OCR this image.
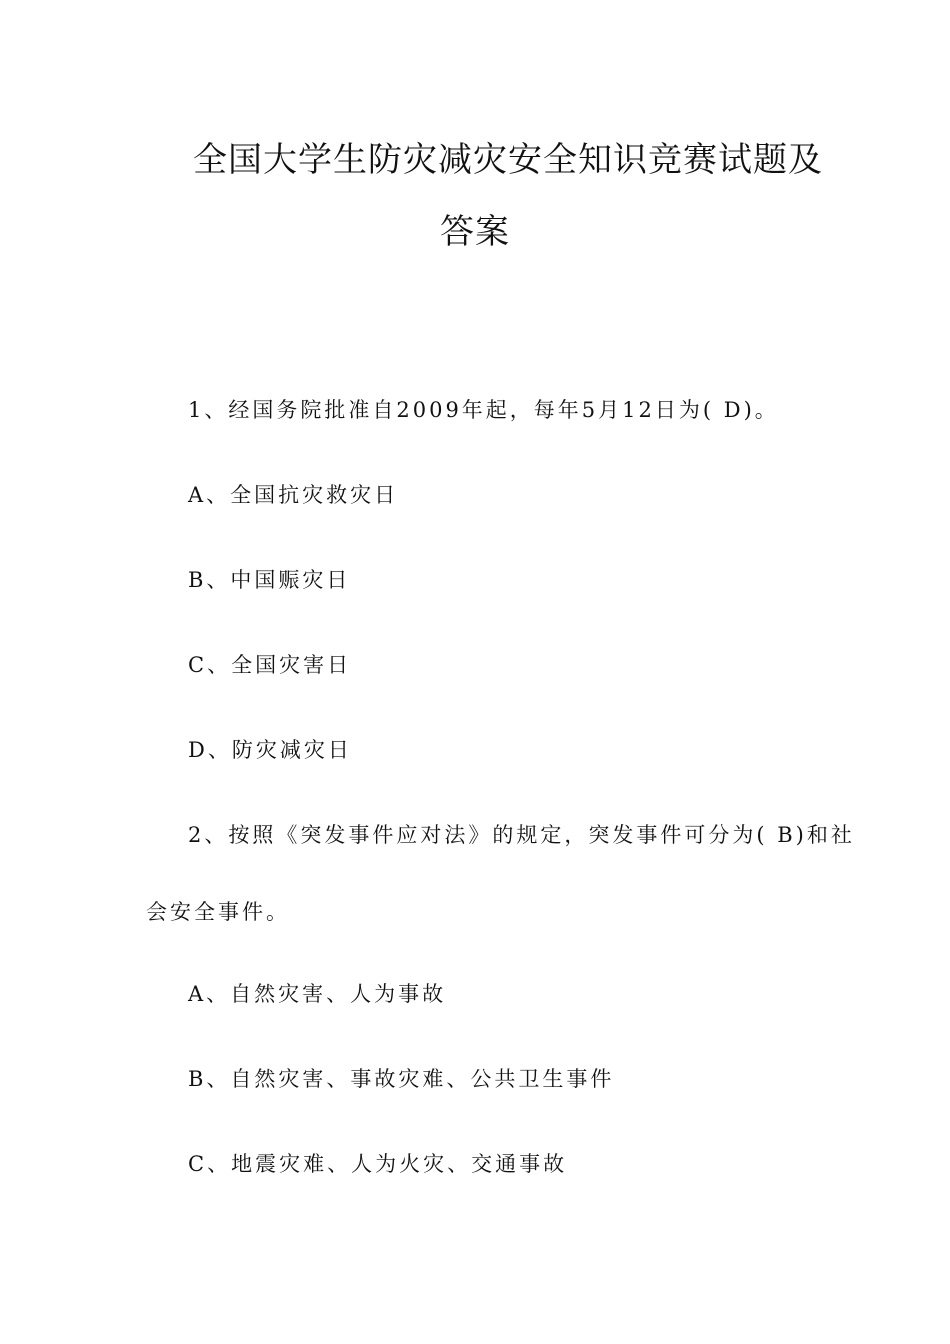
全国大学生防灾减灾安全知识竞赛试题及
答案
1、经国务院批准自2009年起，每年5月12日为( D)。
A、全国抗灾救灾日
B、中国赈灾日
C、全国灾害日
D、防灾减灾日
2、按照《突发事件应对法》的规定，突发事件可分为( B)和社
会安全事件。
A、自然灾害、人为事故
B、自然灾害、事故灾难、公共卫生事件
C、地震灾难、人为火灾、交通事故
